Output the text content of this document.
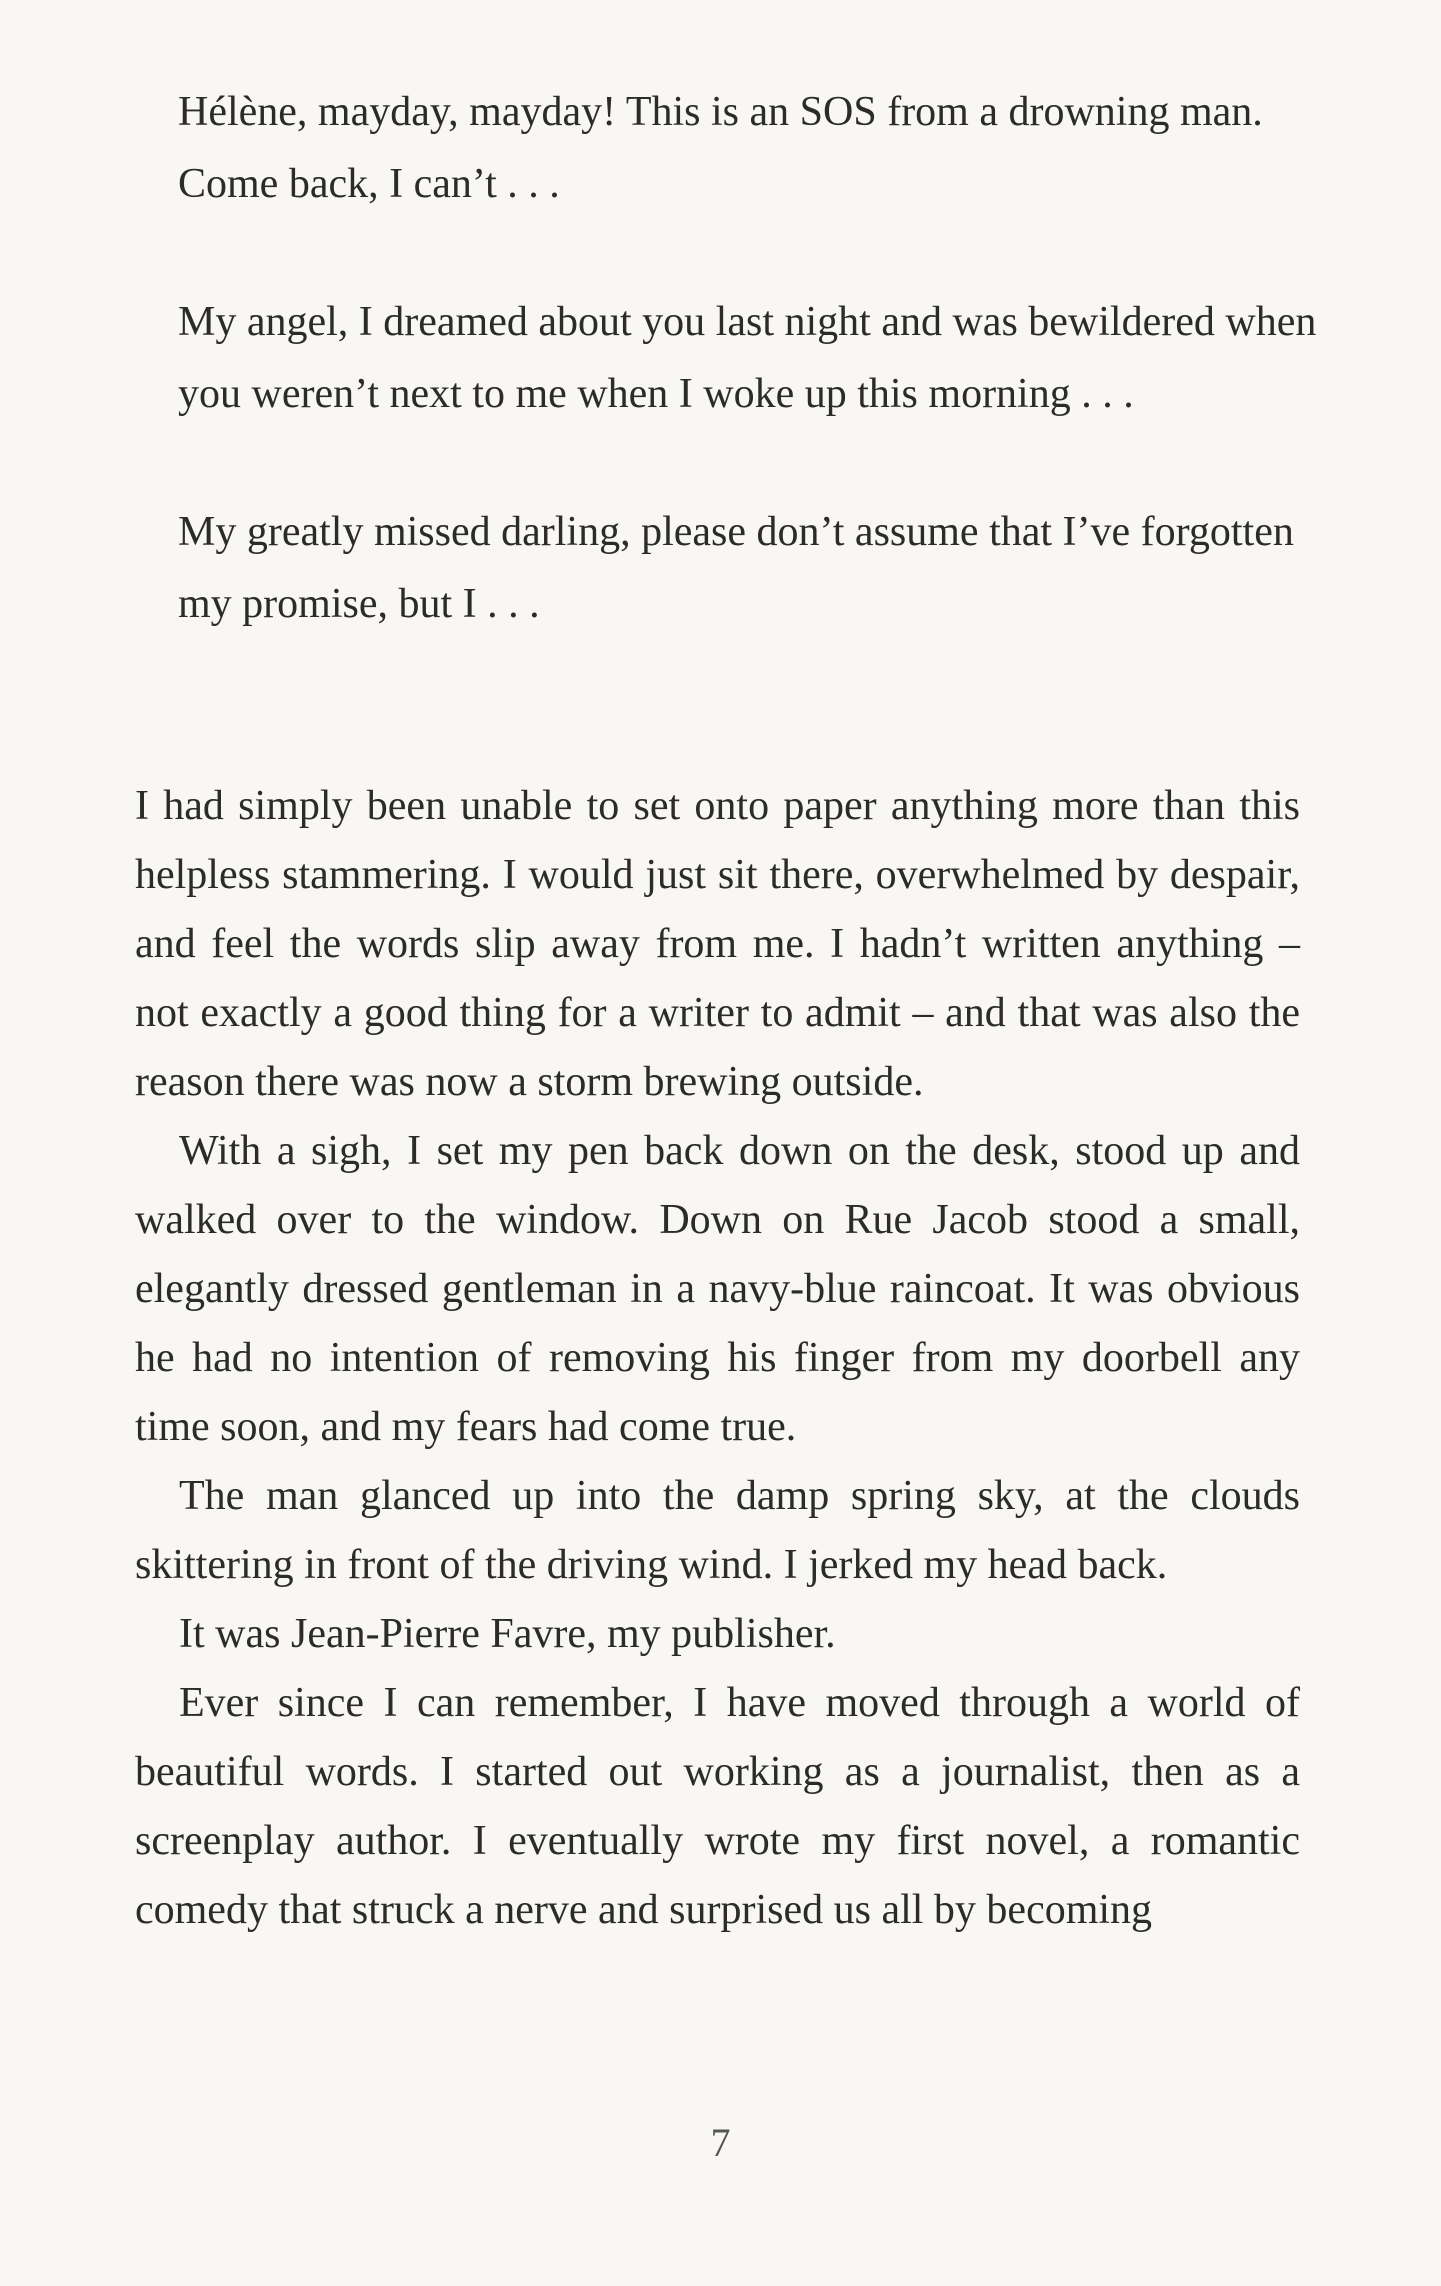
Hélène, mayday, mayday! This is an SOS from a drowning man. Come back, I can’t . . .

My angel, I dreamed about you last night and was bewildered when you weren’t next to me when I woke up this morning . . .

My greatly missed darling, please don’t assume that I’ve forgotten my promise, but I . . .

I had simply been unable to set onto paper anything more than this helpless stammering. I would just sit there, overwhelmed by despair, and feel the words slip away from me. I hadn’t written anything – not exactly a good thing for a writer to admit – and that was also the reason there was now a storm brewing outside.

With a sigh, I set my pen back down on the desk, stood up and walked over to the window. Down on Rue Jacob stood a small, elegantly dressed gentleman in a navy-blue raincoat. It was obvious he had no intention of removing his finger from my doorbell any time soon, and my fears had come true.

The man glanced up into the damp spring sky, at the clouds skittering in front of the driving wind. I jerked my head back.

It was Jean-Pierre Favre, my publisher.

Ever since I can remember, I have moved through a world of beautiful words. I started out working as a journalist, then as a screenplay author. I eventually wrote my first novel, a romantic comedy that struck a nerve and surprised us all by becoming

7
